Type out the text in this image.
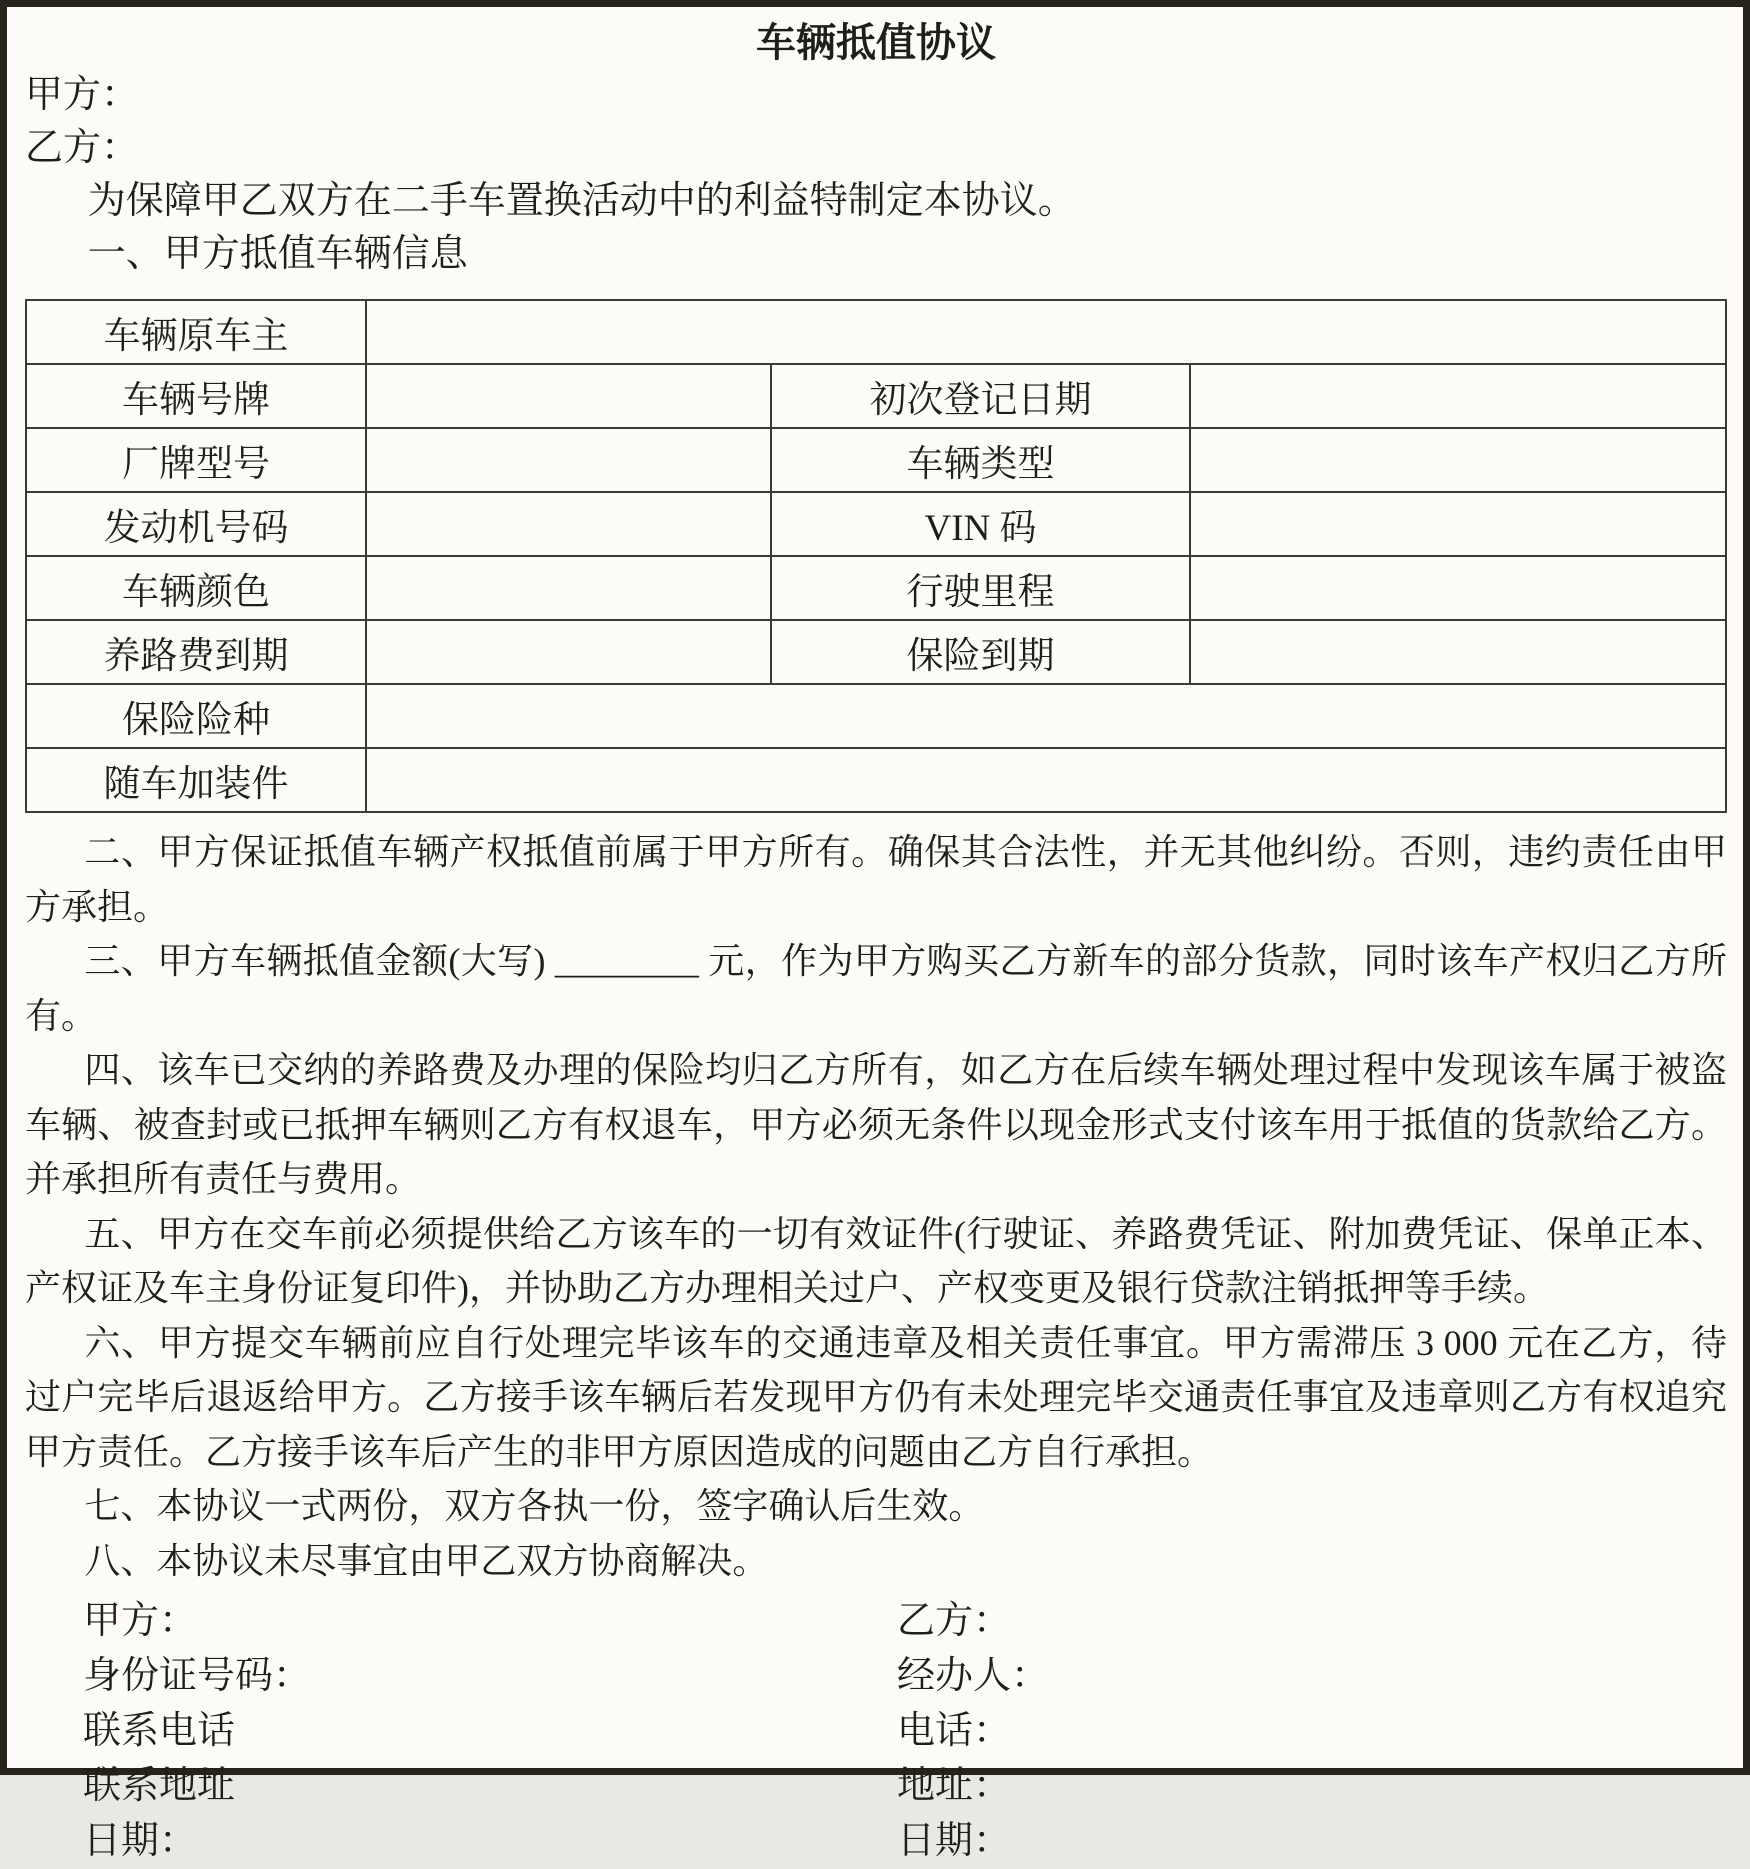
车辆抵值协议
甲方：
乙方：

为保障甲乙双方在二手车置换活动中的利益特制定本协议。

一、甲方抵值车辆信息

车辆原车主			
车辆号牌		初次登记日期	
厂牌型号		车辆类型	
发动机号码		VIN 码	
车辆颜色		行驶里程	
养路费到期		保险到期	
保险险种			
随车加装件			

二、甲方保证抵值车辆产权抵值前属于甲方所有。确保其合法性，并无其他纠纷。否则，违约责任由甲方承担。

三、甲方车辆抵值金额(大写) ________ 元，作为甲方购买乙方新车的部分货款，同时该车产权归乙方所有。

四、该车已交纳的养路费及办理的保险均归乙方所有，如乙方在后续车辆处理过程中发现该车属于被盗车辆、被查封或已抵押车辆则乙方有权退车，甲方必须无条件以现金形式支付该车用于抵值的货款给乙方。并承担所有责任与费用。

五、甲方在交车前必须提供给乙方该车的一切有效证件(行驶证、养路费凭证、附加费凭证、保单正本、产权证及车主身份证复印件)，并协助乙方办理相关过户、产权变更及银行贷款注销抵押等手续。

六、甲方提交车辆前应自行处理完毕该车的交通违章及相关责任事宜。甲方需滞压 3 000 元在乙方，待过户完毕后退返给甲方。乙方接手该车辆后若发现甲方仍有未处理完毕交通责任事宜及违章则乙方有权追究甲方责任。乙方接手该车后产生的非甲方原因造成的问题由乙方自行承担。

七、本协议一式两份，双方各执一份，签字确认后生效。

八、本协议未尽事宜由甲乙双方协商解决。

甲方：	乙方：
身份证号码：	经办人：
联系电话	电话：
联系地址	地址：
日期：	日期：
